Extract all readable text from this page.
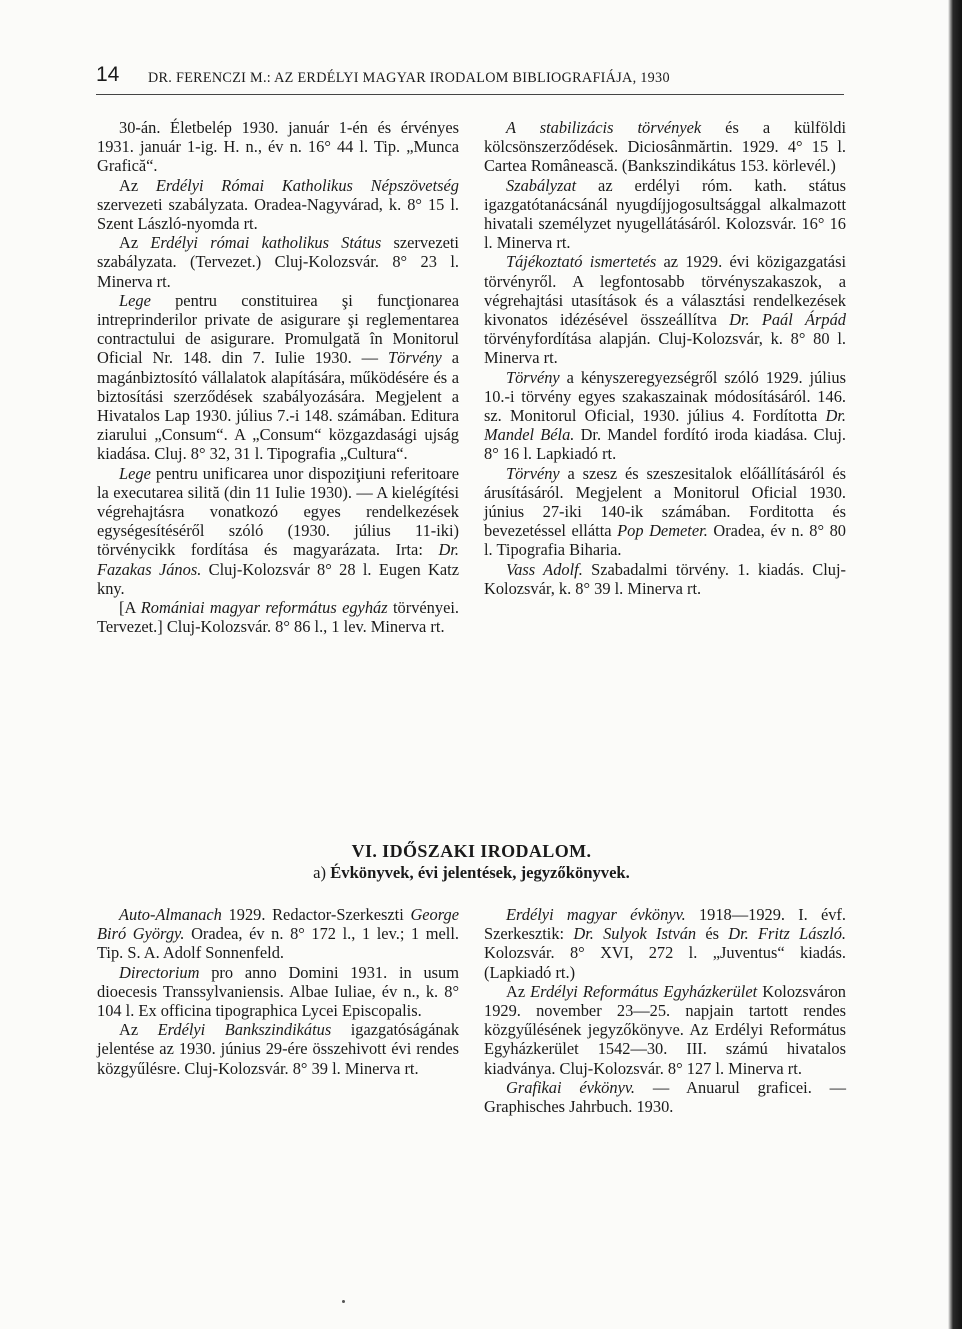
14 DR. FERENCZI M.: AZ ERDÉLYI MAGYAR IRODALOM BIBLIOGRAFIÁJA, 1930

30-án. Életbelép 1930. január 1-én és érvényes 1931. január 1-ig. H. n., év n. 16° 44 l. Tip. „Munca Grafică“.

Az Erdélyi Római Katholikus Népszövetség szervezeti szabályzata. Oradea-Nagyvárad, k. 8° 15 l. Szent László-nyomda rt.

Az Erdélyi római katholikus Státus szervezeti szabályzata. (Tervezet.) Cluj-Kolozsvár. 8° 23 l. Minerva rt.

Lege pentru constituirea şi funcţionarea intreprinderilor private de asigurare şi reglementarea contractului de asigurare. Promulgată în Monitorul Oficial Nr. 148. din 7. Iulie 1930. — Törvény a magánbiztosító vállalatok alapítására, működésére és a biztosítási szerződések szabályozására. Megjelent a Hivatalos Lap 1930. július 7.-i 148. számában. Editura ziarului „Consum“. A „Consum“ közgazdasági ujság kiadása. Cluj. 8° 32, 31 l. Tipografia „Cultura“.

Lege pentru unificarea unor dispoziţiuni referitoare la executarea silită (din 11 Iulie 1930). — A kielégítési végrehajtásra vonatkozó egyes rendelkezések egységesítéséről szóló (1930. július 11-iki) törvénycikk fordítása és magyarázata. Irta: Dr. Fazakas János. Cluj-Kolozsvár 8° 28 l. Eugen Katz kny.

[A Romániai magyar református egyház törvényei. Tervezet.] Cluj-Kolozsvár. 8° 86 l., 1 lev. Minerva rt.

A stabilizácis törvények és a külföldi kölcsönszerződések. Diciosânmărtin. 1929. 4° 15 l. Cartea Românească. (Bankszindikátus 153. körlevél.)

Szabályzat az erdélyi róm. kath. státus igazgatótanácsánál nyugdíjjogosultsággal alkalmazott hivatali személyzet nyugellátásáról. Kolozsvár. 16° 16 l. Minerva rt.

Tájékoztató ismertetés az 1929. évi közigazgatási törvényről. A legfontosabb törvényszakaszok, a végrehajtási utasítások és a választási rendelkezések kivonatos idézésével összeállítva Dr. Paál Árpád törvényfordítása alapján. Cluj-Kolozsvár, k. 8° 80 l. Minerva rt.

Törvény a kényszeregyezségről szóló 1929. július 10.-i törvény egyes szakaszainak módosításáról. 146. sz. Monitorul Oficial, 1930. július 4. Fordította Dr. Mandel Béla. Dr. Mandel fordító iroda kiadása. Cluj. 8° 16 l. Lapkiadó rt.

Törvény a szesz és szeszesitalok előállításáról és árusításáról. Megjelent a Monitorul Oficial 1930. június 27-iki 140-ik számában. Forditotta és bevezetéssel ellátta Pop Demeter. Oradea, év n. 8° 80 l. Tipografia Biharia.

Vass Adolf. Szabadalmi törvény. 1. kiadás. Cluj-Kolozsvár, k. 8° 39 l. Minerva rt.

VI. IDŐSZAKI IRODALOM.
a) Évkönyvek, évi jelentések, jegyzőkönyvek.

Auto-Almanach 1929. Redactor-Szerkeszti George Biró György. Oradea, év n. 8° 172 l., 1 lev.; 1 mell. Tip. S. A. Adolf Sonnenfeld.

Directorium pro anno Domini 1931. in usum dioecesis Transsylvaniensis. Albae Iuliae, év n., k. 8° 104 l. Ex officina tipographica Lycei Episcopalis.

Az Erdélyi Bankszindikátus igazgatóságának jelentése az 1930. június 29-ére összehivott évi rendes közgyűlésre. Cluj-Kolozsvár. 8° 39 l. Minerva rt.

Erdélyi magyar évkönyv. 1918—1929. I. évf. Szerkesztik: Dr. Sulyok István és Dr. Fritz László. Kolozsvár. 8° XVI, 272 l. „Juventus“ kiadás. (Lapkiadó rt.)

Az Erdélyi Református Egyházkerület Kolozsváron 1929. november 23—25. napjain tartott rendes közgyűlésének jegyzőkönyve. Az Erdélyi Református Egyházkerület 1542—30. III. számú hivatalos kiadványa. Cluj-Kolozsvár. 8° 127 l. Minerva rt.

Grafikai évkönyv. — Anuarul graficei. — Graphisches Jahrbuch. 1930.
